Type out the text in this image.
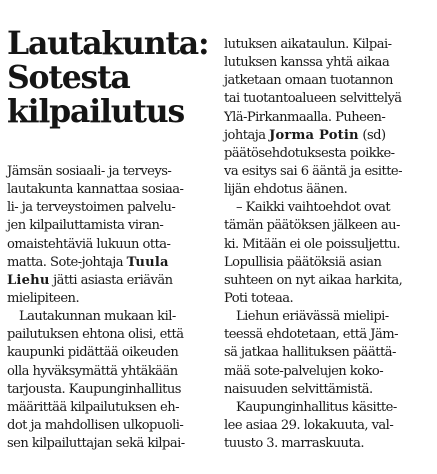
Lautakunta:
Sotesta
kilpailutus
Jämsän sosiaali- ja terveys-
lautakunta kannattaa sosiaa-
li- ja terveystoimen palvelu-
jen kilpailuttamista viran-
omaistehtäviä lukuun otta-
matta. Sote-johtaja Tuula
Liehu jätti asiasta eriävän
mielipiteen.
Lautakunnan mukaan kil-
pailutuksen ehtona olisi, että
kaupunki pidättää oikeuden
olla hyväksymättä yhtäkään
tarjousta. Kaupunginhallitus
määrittää kilpailutuksen eh-
dot ja mahdollisen ulkopuoli-
sen kilpailuttajan sekä kilpai-
lutuksen aikataulun. Kilpai-
lutuksen kanssa yhtä aikaa
jatketaan omaan tuotannon
tai tuotantoalueen selvittelyä
Ylä-Pirkanmaalla. Puheen-
johtaja Jorma Potin (sd)
päätösehdotuksesta poikke-
va esitys sai 6 ääntä ja esitte-
lijän ehdotus äänen.
– Kaikki vaihtoehdot ovat
tämän päätöksen jälkeen au-
ki. Mitään ei ole poissuljettu.
Lopullisia päätöksiä asian
suhteen on nyt aikaa harkita,
Poti toteaa.
Liehun eriävässä mielipi-
teessä ehdotetaan, että Jäm-
sä jatkaa hallituksen päättä-
mää sote-palvelujen koko-
naisuuden selvittämistä.
Kaupunginhallitus käsitte-
lee asiaa 29. lokakuuta, val-
tuusto 3. marraskuuta.
